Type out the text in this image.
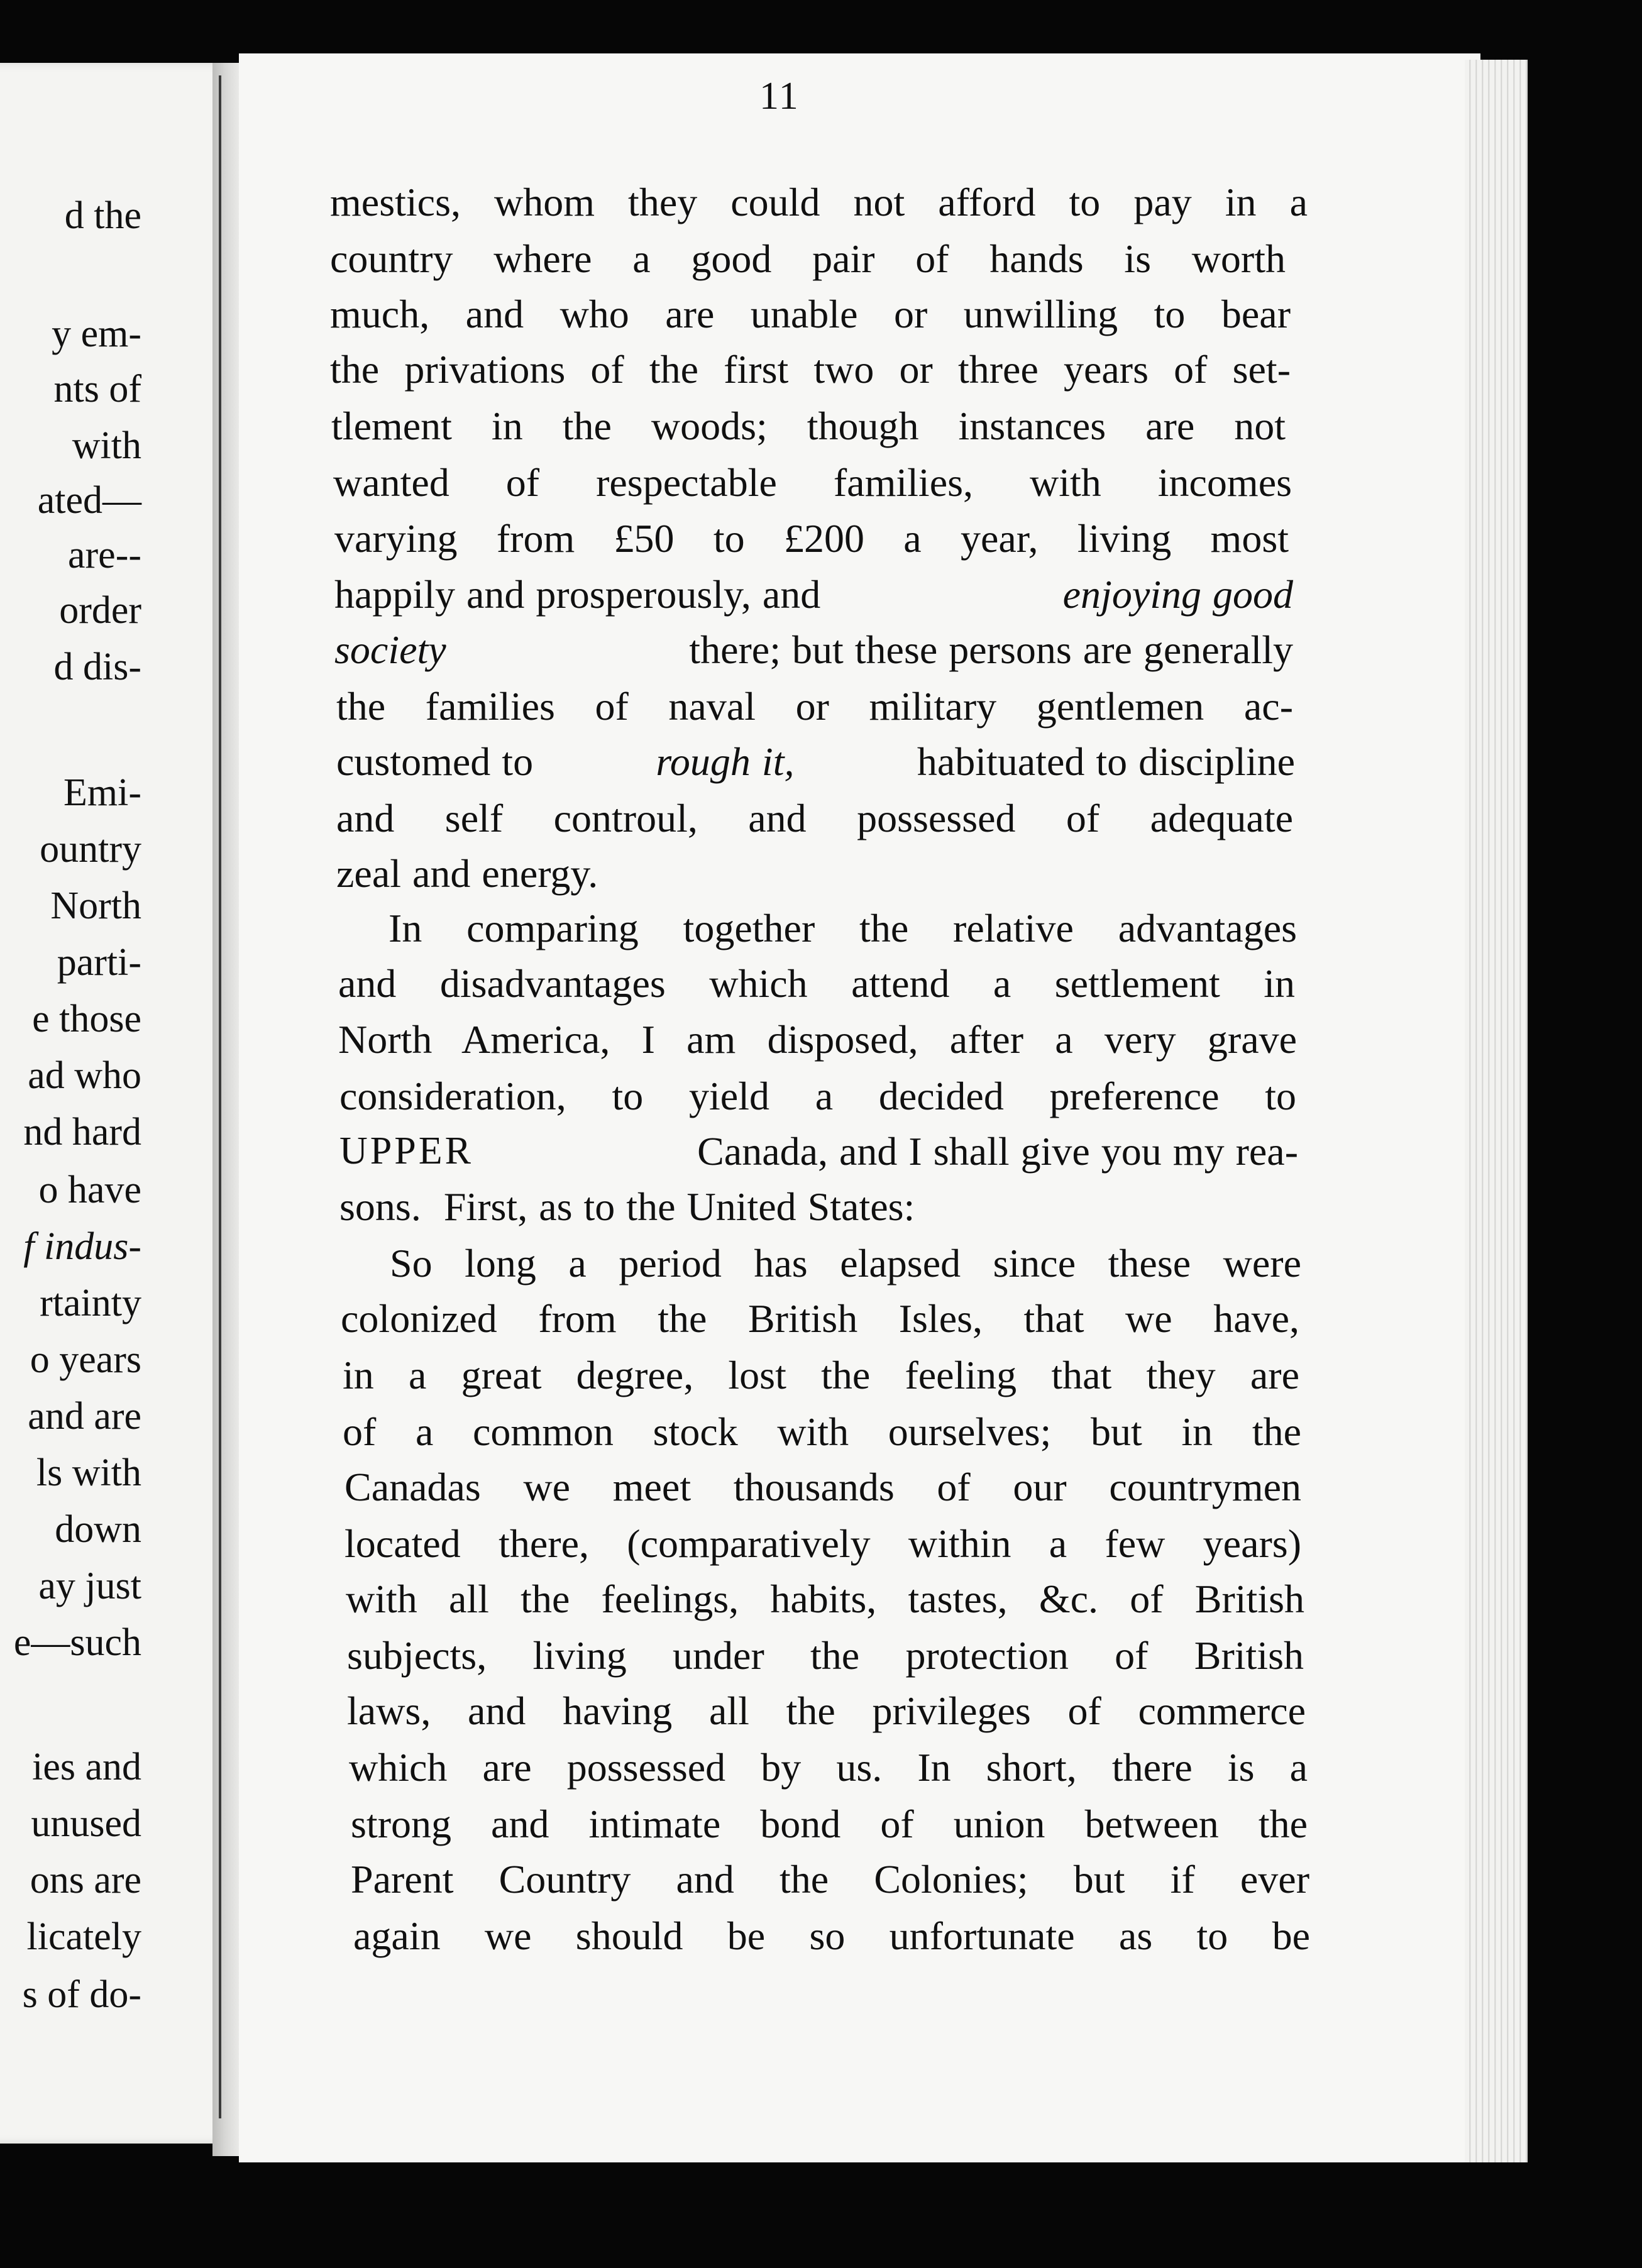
d the
y em-
nts of
with
ated—
are--
order
d dis-
Emi-
ountry
North
parti-
e those
ad who
nd hard
o have
f indus-
rtainty
o years
and are
ls with
down
ay just
e—such
ies and
unused
ons are
licately
s of do-
11
mestics, whom they could not afford to pay in a
country where a good pair of hands is worth
much, and who are unable or unwilling to bear
the privations of the first two or three years of set-
tlement in the woods; though instances are not
wanted of respectable families, with incomes
varying from £50 to £200 a year, living most
happily and prosperously, and	enjoying good
society	there; but these persons are generally
the families of naval or military gentlemen ac-
customed to	rough it,	habituated to discipline
and self controul, and possessed of adequate
zeal and energy.
In comparing together the relative advantages
and disadvantages which attend a settlement in
North America, I am disposed, after a very grave
consideration, to yield a decided preference to
UPPER	Canada, and I shall give you my rea-
sons.  First, as to the United States:
So long a period has elapsed since these were
colonized from the British Isles, that we have,
in a great degree, lost the feeling that they are
of a common stock with ourselves; but in the
Canadas we meet thousands of our countrymen
located there, (comparatively within a few years)
with all the feelings, habits, tastes, &c. of British
subjects, living under the protection of British
laws, and having all the privileges of commerce
which are possessed by us. In short, there is a
strong and intimate bond of union between the
Parent Country and the Colonies; but if ever
again we should be so unfortunate as to be
